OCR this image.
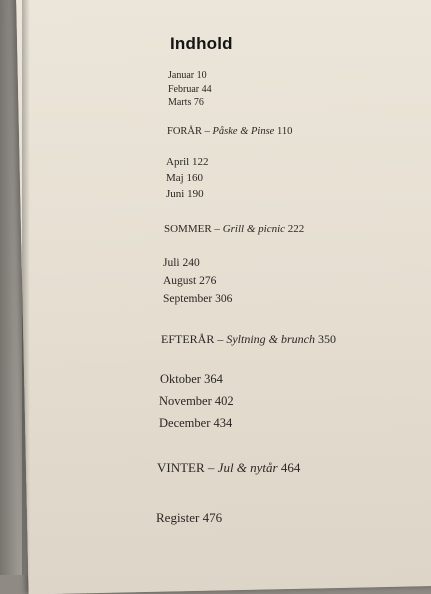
Indhold

Januar 10

Februar 44

Marts 76

FORÅR – Påske & Pinse 110

April 122

Maj 160

Juni 190

SOMMER – Grill & picnic 222

Juli 240

August 276

September 306

EFTERÅR – Syltning & brunch 350

Oktober 364

November 402

December 434

VINTER – Jul & nytår 464

Register 476
